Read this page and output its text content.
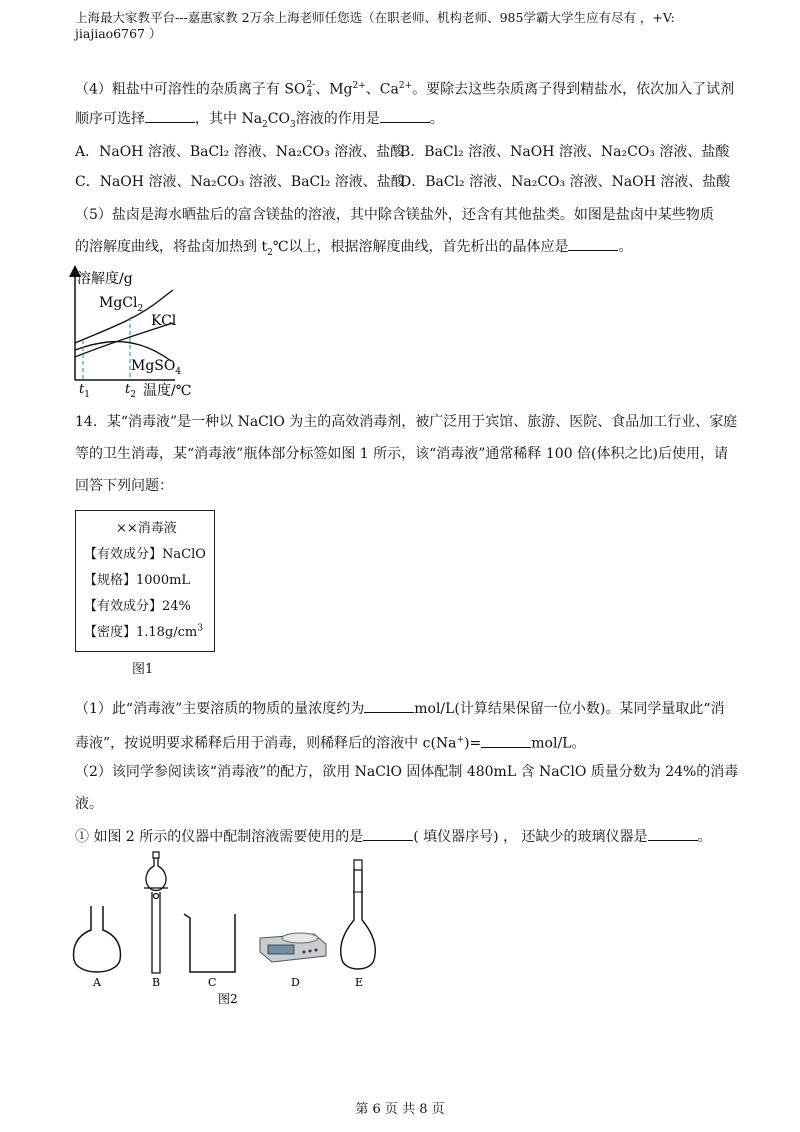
上海最大家教平台---嘉惠家教 2万余上海老师任您选（在职老师、机构老师、985学霸大学生应有尽有 ，+V: jiajiao6767 ）
（4）粗盐中可溶性的杂质离子有 SO 2-
4 、$Mg^{2+}$、$Ca^{2+}$。要除去这些杂质离子得到精盐水，依次加入了试剂
顺序可选择	，其中 $Na_2CO_3$溶液的作用是	。
A．NaOH 溶液、BaCl₂ 溶液、Na₂CO₃ 溶液、盐酸
B．BaCl₂ 溶液、NaOH 溶液、Na₂CO₃ 溶液、盐酸
C．NaOH 溶液、Na₂CO₃ 溶液、BaCl₂ 溶液、盐酸
D．BaCl₂ 溶液、Na₂CO₃ 溶液、NaOH 溶液、盐酸
（5）盐卤是海水晒盐后的富含镁盐的溶液，其中除含镁盐外，还含有其他盐类。如图是盐卤中某些物质
的溶解度曲线，将盐卤加热到 $t_2℃$以上，根据溶解度曲线，首先析出的晶体应是	。
溶解度/g
MgCl$_2$
KCl
MgSO$_4$
$t_1$	$t_2$ 温度/℃
14．某“消毒液”是一种以 NaClO 为主的高效消毒剂，被广泛用于宾馆、旅游、医院、食品加工行业、家庭
等的卫生消毒，某“消毒液”瓶体部分标签如图 1 所示，该“消毒液”通常稀释 100 倍(体积之比)后使用，请
回答下列问题：
××消毒液
【有效成分】NaClO
【规格】1000mL
【有效成分】24%
【密度】$1.18g/cm^3$
图1
（1）此“消毒液”主要溶质的物质的量浓度约为	mol/L(计算结果保留一位小数)。某同学量取此“消
毒液”，按说明要求稀释后用于消毒，则稀释后的溶液中 c(Na+)=	mol/L。
（2）该同学参阅读该“消毒液”的配方，欲用 NaClO 固体配制 480mL 含 NaClO 质量分数为 24%的消毒
液。
① 如图 2 所示的仪器中配制溶液需要使用的是	( 填仪器序号) ， 还缺少的玻璃仪器是	。
A	B	C	D	E
图2
第 6 页 共 8 页
